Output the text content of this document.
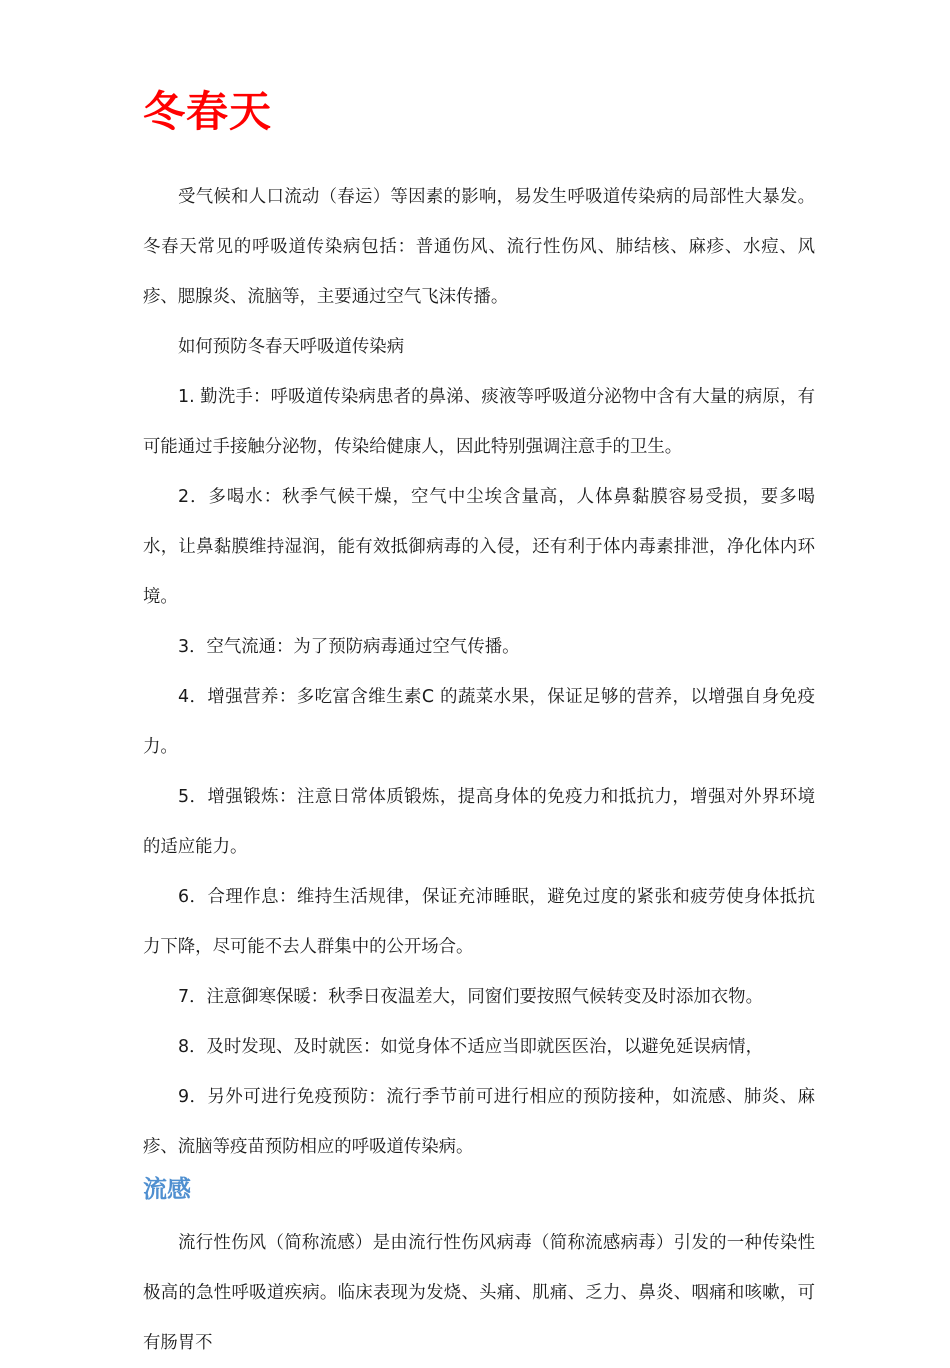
冬春天

受气候和人口流动（春运）等因素的影响，易发生呼吸道传染病的局部性大暴发。冬春天常见的呼吸道传染病包括：普通伤风、流行性伤风、肺结核、麻疹、水痘、风疹、腮腺炎、流脑等，主要通过空气飞沫传播。

如何预防冬春天呼吸道传染病

1. 勤洗手：呼吸道传染病患者的鼻涕、痰液等呼吸道分泌物中含有大量的病原，有可能通过手接触分泌物，传染给健康人，因此特别强调注意手的卫生。

2．多喝水：秋季气候干燥，空气中尘埃含量高，人体鼻黏膜容易受损，要多喝水，让鼻黏膜维持湿润，能有效抵御病毒的入侵，还有利于体内毒素排泄，净化体内环境。

3．空气流通：为了预防病毒通过空气传播。

4．增强营养：多吃富含维生素C 的蔬菜水果，保证足够的营养，以增强自身免疫力。

5．增强锻炼：注意日常体质锻炼，提高身体的免疫力和抵抗力，增强对外界环境的适应能力。

6．合理作息：维持生活规律，保证充沛睡眠，避免过度的紧张和疲劳使身体抵抗力下降，尽可能不去人群集中的公开场合。

7．注意御寒保暖：秋季日夜温差大，同窗们要按照气候转变及时添加衣物。

8．及时发现、及时就医：如觉身体不适应当即就医医治，以避免延误病情，

9．另外可进行免疫预防：流行季节前可进行相应的预防接种，如流感、肺炎、麻疹、流脑等疫苗预防相应的呼吸道传染病。

流感

流行性伤风（简称流感）是由流行性伤风病毒（简称流感病毒）引发的一种传染性极高的急性呼吸道疾病。临床表现为发烧、头痛、肌痛、乏力、鼻炎、咽痛和咳嗽，可有肠胃不
